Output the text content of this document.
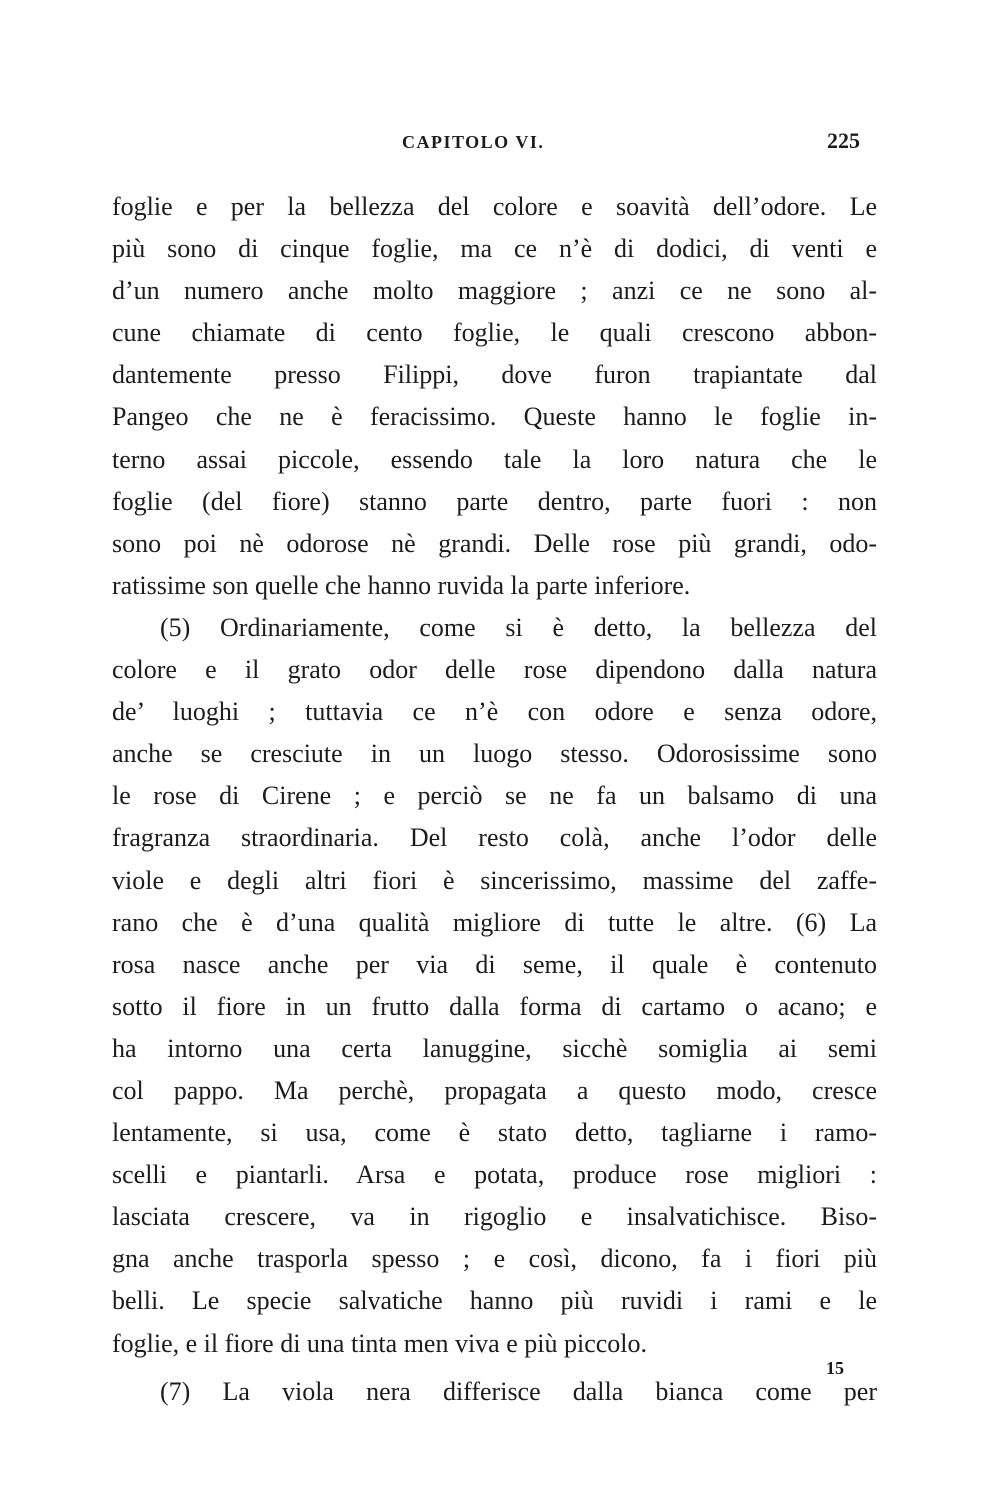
CAPITOLO VI.	225
foglie e per la bellezza del colore e soavità dell’odore. Le
più sono di cinque foglie, ma ce n’è di dodici, di venti e
d’un numero anche molto maggiore ; anzi ce ne sono al-
cune chiamate di cento foglie, le quali crescono abbon-
dantemente presso Filippi, dove furon trapiantate dal
Pangeo che ne è feracissimo. Queste hanno le foglie in-
terno assai piccole, essendo tale la loro natura che le
foglie (del fiore) stanno parte dentro, parte fuori : non
sono poi nè odorose nè grandi. Delle rose più grandi, odo-
ratissime son quelle che hanno ruvida la parte inferiore.
(5) Ordinariamente, come si è detto, la bellezza del
colore e il grato odor delle rose dipendono dalla natura
de’ luoghi ; tuttavia ce n’è con odore e senza odore,
anche se cresciute in un luogo stesso. Odorosissime sono
le rose di Cirene ; e perciò se ne fa un balsamo di una
fragranza straordinaria. Del resto colà, anche l’odor delle
viole e degli altri fiori è sincerissimo, massime del zaffe-
rano che è d’una qualità migliore di tutte le altre. (6) La
rosa nasce anche per via di seme, il quale è contenuto
sotto il fiore in un frutto dalla forma di cartamo o acano; e
ha intorno una certa lanuggine, sicchè somiglia ai semi
col pappo. Ma perchè, propagata a questo modo, cresce
lentamente, si usa, come è stato detto, tagliarne i ramo-
scelli e piantarli. Arsa e potata, produce rose migliori :
lasciata crescere, va in rigoglio e insalvatichisce. Biso-
gna anche trasporla spesso ; e così, dicono, fa i fiori più
belli. Le specie salvatiche hanno più ruvidi i rami e le
foglie, e il fiore di una tinta men viva e più piccolo.
(7) La viola nera differisce dalla bianca come per
15
